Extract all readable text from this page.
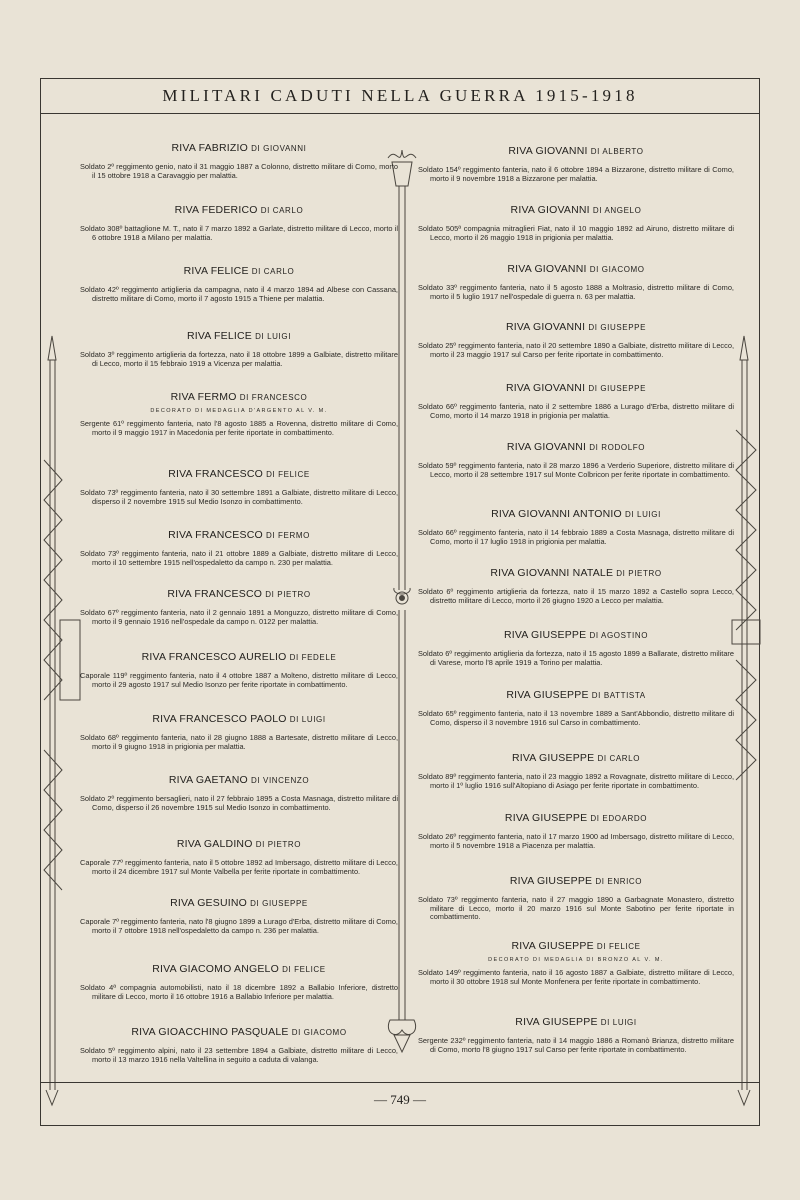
MILITARI CADUTI NELLA GUERRA 1915-1918
RIVA FABRIZIO DI GIOVANNI
Soldato 2º reggimento genio, nato il 31 maggio 1887 a Colonno, distretto militare di Como, morto il 15 ottobre 1918 a Caravaggio per malattia.
RIVA FEDERICO DI CARLO
Soldato 308º battaglione M. T., nato il 7 marzo 1892 a Garlate, distretto militare di Lecco, morto il 6 ottobre 1918 a Milano per malattia.
RIVA FELICE DI CARLO
Soldato 42º reggimento artiglieria da campagna, nato il 4 marzo 1894 ad Albese con Cassana, distretto militare di Como, morto il 7 agosto 1915 a Thiene per malattia.
RIVA FELICE DI LUIGI
Soldato 3º reggimento artiglieria da fortezza, nato il 18 ottobre 1899 a Galbiate, distretto militare di Lecco, morto il 15 febbraio 1919 a Vicenza per malattia.
RIVA FERMO DI FRANCESCO
DECORATO DI MEDAGLIA D'ARGENTO AL V. M.
Sergente 61º reggimento fanteria, nato l'8 agosto 1885 a Rovenna, distretto militare di Como, morto il 9 maggio 1917 in Macedonia per ferite riportate in combattimento.
RIVA FRANCESCO DI FELICE
Soldato 73º reggimento fanteria, nato il 30 settembre 1891 a Galbiate, distretto militare di Lecco, disperso il 2 novembre 1915 sul Medio Isonzo in combattimento.
RIVA FRANCESCO DI FERMO
Soldato 73º reggimento fanteria, nato il 21 ottobre 1889 a Galbiate, distretto militare di Lecco, morto il 10 settembre 1915 nell'ospedaletto da campo n. 230 per malattia.
RIVA FRANCESCO DI PIETRO
Soldato 67º reggimento fanteria, nato il 2 gennaio 1891 a Monguzzo, distretto militare di Como, morto il 9 gennaio 1916 nell'ospedale da campo n. 0122 per malattia.
RIVA FRANCESCO AURELIO DI FEDELE
Caporale 119º reggimento fanteria, nato il 4 ottobre 1887 a Molteno, distretto militare di Lecco, morto il 29 agosto 1917 sul Medio Isonzo per ferite riportate in combattimento.
RIVA FRANCESCO PAOLO DI LUIGI
Soldato 68º reggimento fanteria, nato il 28 giugno 1888 a Bartesate, distretto militare di Lecco, morto il 9 giugno 1918 in prigionia per malattia.
RIVA GAETANO DI VINCENZO
Soldato 2º reggimento bersaglieri, nato il 27 febbraio 1895 a Costa Masnaga, distretto militare di Como, disperso il 26 novembre 1915 sul Medio Isonzo in combattimento.
RIVA GALDINO DI PIETRO
Caporale 77º reggimento fanteria, nato il 5 ottobre 1892 ad Imbersago, distretto militare di Lecco, morto il 24 dicembre 1917 sul Monte Valbella per ferite riportate in combattimento.
RIVA GESUINO DI GIUSEPPE
Caporale 7º reggimento fanteria, nato l'8 giugno 1899 a Lurago d'Erba, distretto militare di Como, morto il 7 ottobre 1918 nell'ospedaletto da campo n. 236 per malattia.
RIVA GIACOMO ANGELO DI FELICE
Soldato 4ª compagnia automobilisti, nato il 18 dicembre 1892 a Ballabio Inferiore, distretto militare di Lecco, morto il 16 ottobre 1916 a Ballabio Inferiore per malattia.
RIVA GIOACCHINO PASQUALE DI GIACOMO
Soldato 5º reggimento alpini, nato il 23 settembre 1894 a Galbiate, distretto militare di Lecco, morto il 13 marzo 1916 nella Valtellina in seguito a caduta di valanga.
RIVA GIOVANNI DI ALBERTO
Soldato 154º reggimento fanteria, nato il 6 ottobre 1894 a Bizzarone, distretto militare di Como, morto il 9 novembre 1918 a Bizzarone per malattia.
RIVA GIOVANNI DI ANGELO
Soldato 505ª compagnia mitraglieri Fiat, nato il 10 maggio 1892 ad Airuno, distretto militare di Lecco, morto il 26 maggio 1918 in prigionia per malattia.
RIVA GIOVANNI DI GIACOMO
Soldato 33º reggimento fanteria, nato il 5 agosto 1888 a Moltrasio, distretto militare di Como, morto il 5 luglio 1917 nell'ospedale di guerra n. 63 per malattia.
RIVA GIOVANNI DI GIUSEPPE
Soldato 25º reggimento fanteria, nato il 20 settembre 1890 a Galbiate, distretto militare di Lecco, morto il 23 maggio 1917 sul Carso per ferite riportate in combattimento.
RIVA GIOVANNI DI GIUSEPPE
Soldato 66º reggimento fanteria, nato il 2 settembre 1886 a Lurago d'Erba, distretto militare di Como, morto il 14 marzo 1918 in prigionia per malattia.
RIVA GIOVANNI DI RODOLFO
Soldato 59º reggimento fanteria, nato il 28 marzo 1896 a Verderio Superiore, distretto militare di Lecco, morto il 28 settembre 1917 sul Monte Colbricon per ferite riportate in combattimento.
RIVA GIOVANNI ANTONIO DI LUIGI
Soldato 66º reggimento fanteria, nato il 14 febbraio 1889 a Costa Masnaga, distretto militare di Como, morto il 17 luglio 1918 in prigionia per malattia.
RIVA GIOVANNI NATALE DI PIETRO
Soldato 6º reggimento artiglieria da fortezza, nato il 15 marzo 1892 a Castello sopra Lecco, distretto militare di Lecco, morto il 26 giugno 1920 a Lecco per malattia.
RIVA GIUSEPPE DI AGOSTINO
Soldato 6º reggimento artiglieria da fortezza, nato il 15 agosto 1899 a Ballarate, distretto militare di Varese, morto l'8 aprile 1919 a Torino per malattia.
RIVA GIUSEPPE DI BATTISTA
Soldato 65º reggimento fanteria, nato il 13 novembre 1889 a Sant'Abbondio, distretto militare di Como, disperso il 3 novembre 1916 sul Carso in combattimento.
RIVA GIUSEPPE DI CARLO
Soldato 89º reggimento fanteria, nato il 23 maggio 1892 a Rovagnate, distretto militare di Lecco, morto il 1º luglio 1916 sull'Altopiano di Asiago per ferite riportate in combattimento.
RIVA GIUSEPPE DI EDOARDO
Soldato 26º reggimento fanteria, nato il 17 marzo 1900 ad Imbersago, distretto militare di Lecco, morto il 5 novembre 1918 a Piacenza per malattia.
RIVA GIUSEPPE DI ENRICO
Soldato 73º reggimento fanteria, nato il 27 maggio 1890 a Garbagnate Monastero, distretto militare di Lecco, morto il 20 marzo 1916 sul Monte Sabotino per ferite riportate in combattimento.
RIVA GIUSEPPE DI FELICE
DECORATO DI MEDAGLIA DI BRONZO AL V. M.
Soldato 149º reggimento fanteria, nato il 16 agosto 1887 a Galbiate, distretto militare di Lecco, morto il 30 ottobre 1918 sul Monte Monfenera per ferite riportate in combattimento.
RIVA GIUSEPPE DI LUIGI
Sergente 232º reggimento fanteria, nato il 14 maggio 1886 a Romanò Brianza, distretto militare di Como, morto l'8 giugno 1917 sul Carso per ferite riportate in combattimento.
— 749 —
